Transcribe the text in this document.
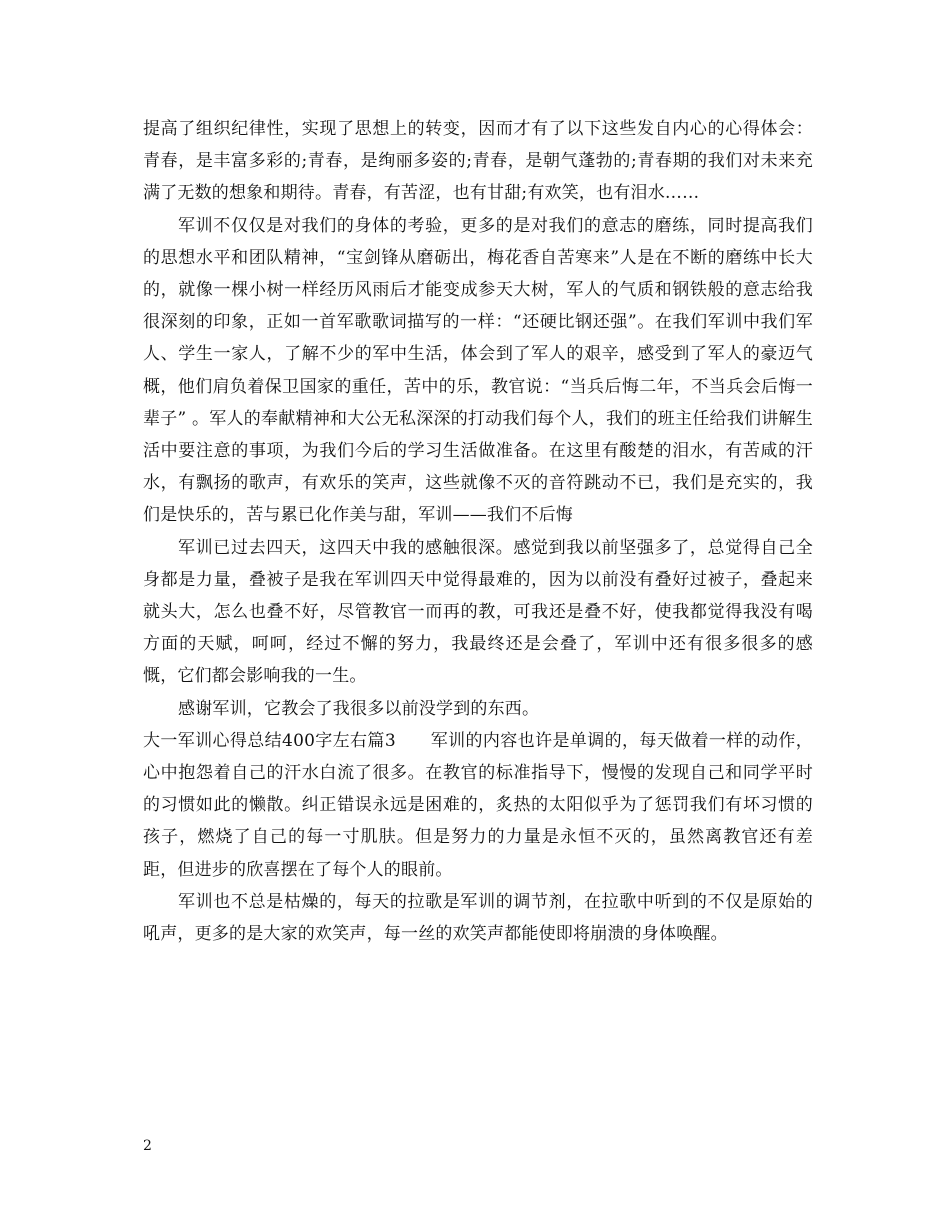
提高了组织纪律性，实现了思想上的转变，因而才有了以下这些发自内心的心得体会：青春，是丰富多彩的;青春，是绚丽多姿的;青春，是朝气蓬勃的;青春期的我们对未来充满了无数的想象和期待。青春，有苦涩，也有甘甜;有欢笑，也有泪水……

军训不仅仅是对我们的身体的考验，更多的是对我们的意志的磨练，同时提高我们的思想水平和团队精神，“宝剑锋从磨砺出，梅花香自苦寒来”人是在不断的磨练中长大的，就像一棵小树一样经历风雨后才能变成参天大树，军人的气质和钢铁般的意志给我很深刻的印象，正如一首军歌歌词描写的一样：“还硬比钢还强”。在我们军训中我们军人、学生一家人，了解不少的军中生活，体会到了军人的艰辛，感受到了军人的豪迈气概，他们肩负着保卫国家的重任，苦中的乐，教官说：“当兵后悔二年，不当兵会后悔一辈子” 。军人的奉献精神和大公无私深深的打动我们每个人，我们的班主任给我们讲解生活中要注意的事项，为我们今后的学习生活做准备。在这里有酸楚的泪水，有苦咸的汗水，有飘扬的歌声，有欢乐的笑声，这些就像不灭的音符跳动不已，我们是充实的，我们是快乐的，苦与累已化作美与甜，军训——我们不后悔

军训已过去四天，这四天中我的感触很深。感觉到我以前坚强多了，总觉得自己全身都是力量，叠被子是我在军训四天中觉得最难的，因为以前没有叠好过被子，叠起来就头大，怎么也叠不好，尽管教官一而再的教，可我还是叠不好，使我都觉得我没有喝方面的天赋，呵呵，经过不懈的努力，我最终还是会叠了，军训中还有很多很多的感慨，它们都会影响我的一生。

感谢军训，它教会了我很多以前没学到的东西。

大一军训心得总结400字左右篇3　　军训的内容也许是单调的，每天做着一样的动作，心中抱怨着自己的汗水白流了很多。在教官的标准指导下，慢慢的发现自己和同学平时的习惯如此的懒散。纠正错误永远是困难的，炙热的太阳似乎为了惩罚我们有坏习惯的孩子，燃烧了自己的每一寸肌肤。但是努力的力量是永恒不灭的，虽然离教官还有差距，但进步的欣喜摆在了每个人的眼前。

军训也不总是枯燥的，每天的拉歌是军训的调节剂，在拉歌中听到的不仅是原始的吼声，更多的是大家的欢笑声，每一丝的欢笑声都能使即将崩溃的身体唤醒。

2
